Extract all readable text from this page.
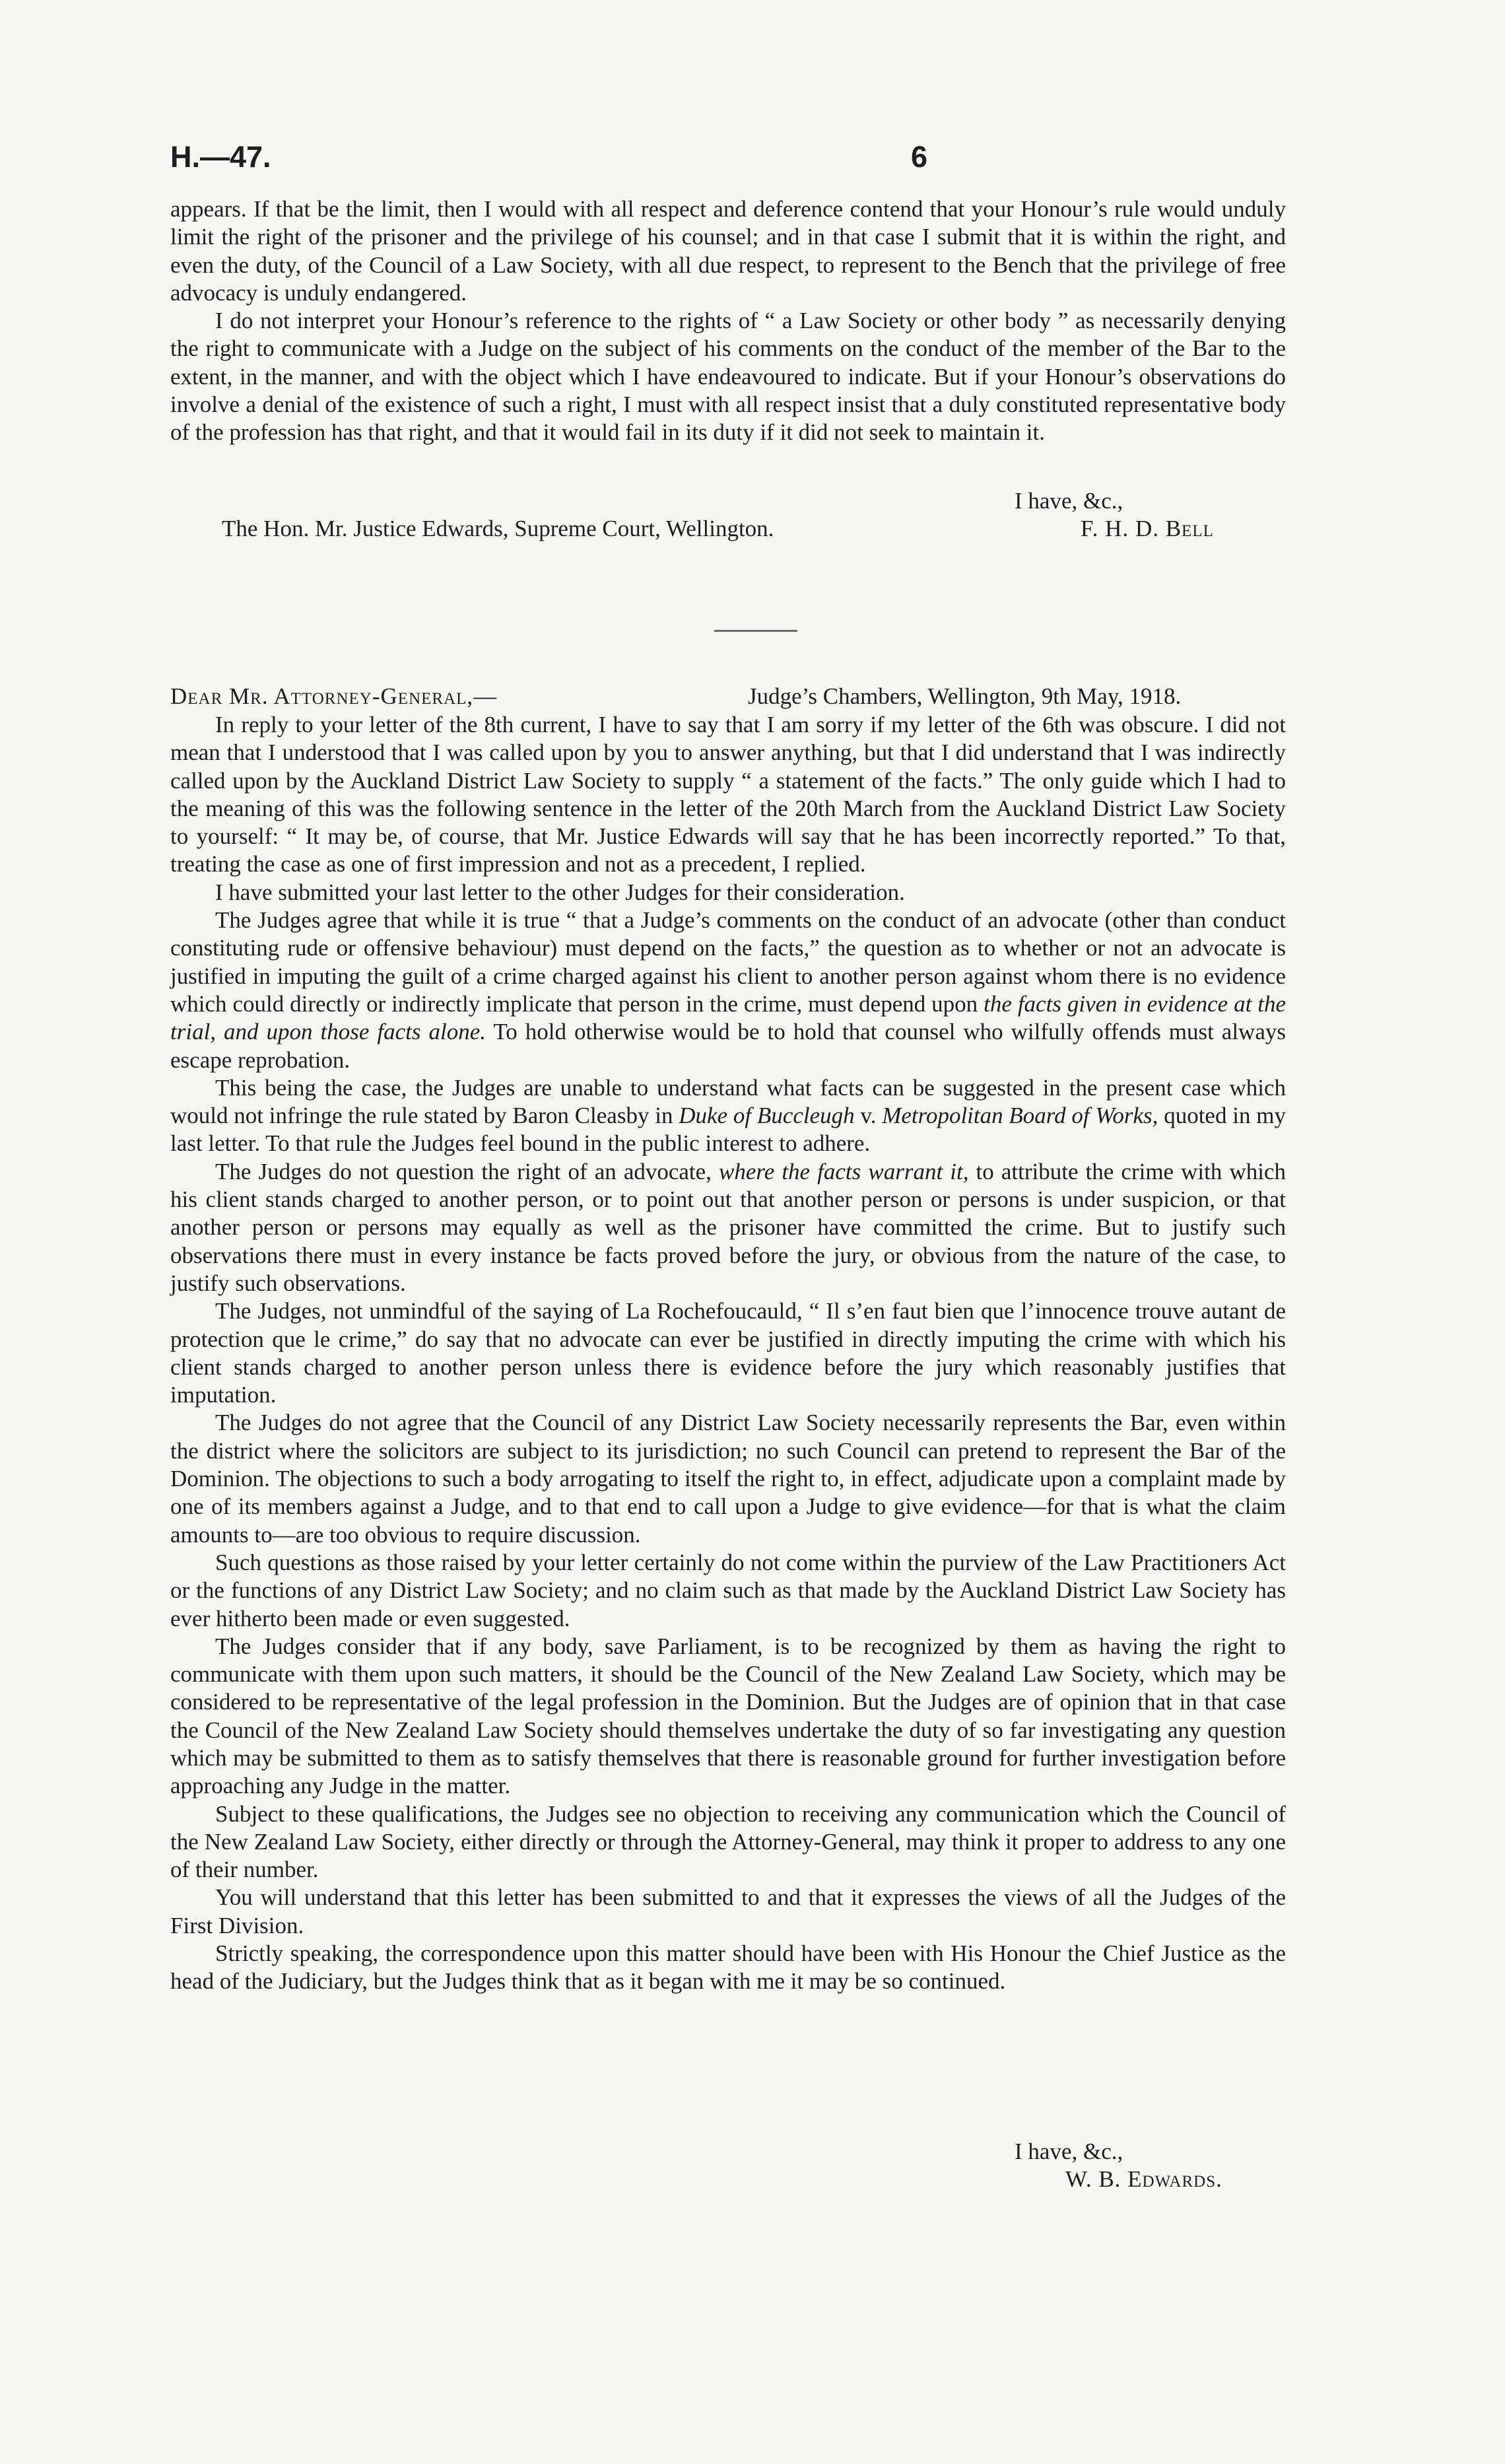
H.—47.	6

appears. If that be the limit, then I would with all respect and deference contend that your Honour’s rule would unduly limit the right of the prisoner and the privilege of his counsel; and in that case I submit that it is within the right, and even the duty, of the Council of a Law Society, with all due respect, to represent to the Bench that the privilege of free advocacy is unduly endangered.

I do not interpret your Honour’s reference to the rights of “ a Law Society or other body ” as necessarily denying the right to communicate with a Judge on the subject of his comments on the conduct of the member of the Bar to the extent, in the manner, and with the object which I have endeavoured to indicate. But if your Honour’s observations do involve a denial of the existence of such a right, I must with all respect insist that a duly constituted representative body of the profession has that right, and that it would fail in its duty if it did not seek to maintain it.

I have, &c.,
The Hon. Mr. Justice Edwards, Supreme Court, Wellington.	F. H. D. Bell
Dear Mr. Attorney-General,—	Judge’s Chambers, Wellington, 9th May, 1918.

In reply to your letter of the 8th current, I have to say that I am sorry if my letter of the 6th was obscure. I did not mean that I understood that I was called upon by you to answer anything, but that I did understand that I was indirectly called upon by the Auckland District Law Society to supply “ a statement of the facts.” The only guide which I had to the meaning of this was the following sentence in the letter of the 20th March from the Auckland District Law Society to yourself: “ It may be, of course, that Mr. Justice Edwards will say that he has been incorrectly reported.” To that, treating the case as one of first impression and not as a precedent, I replied.

I have submitted your last letter to the other Judges for their consideration.

The Judges agree that while it is true “ that a Judge’s comments on the conduct of an advocate (other than conduct constituting rude or offensive behaviour) must depend on the facts,” the question as to whether or not an advocate is justified in imputing the guilt of a crime charged against his client to another person against whom there is no evidence which could directly or indirectly implicate that person in the crime, must depend upon the facts given in evidence at the trial, and upon those facts alone. To hold otherwise would be to hold that counsel who wilfully offends must always escape reprobation.

This being the case, the Judges are unable to understand what facts can be suggested in the present case which would not infringe the rule stated by Baron Cleasby in Duke of Buccleugh v. Metropolitan Board of Works, quoted in my last letter. To that rule the Judges feel bound in the public interest to adhere.

The Judges do not question the right of an advocate, where the facts warrant it, to attribute the crime with which his client stands charged to another person, or to point out that another person or persons is under suspicion, or that another person or persons may equally as well as the prisoner have committed the crime. But to justify such observations there must in every instance be facts proved before the jury, or obvious from the nature of the case, to justify such observations.

The Judges, not unmindful of the saying of La Rochefoucauld, “ Il s’en faut bien que l’innocence trouve autant de protection que le crime,” do say that no advocate can ever be justified in directly imputing the crime with which his client stands charged to another person unless there is evidence before the jury which reasonably justifies that imputation.

The Judges do not agree that the Council of any District Law Society necessarily represents the Bar, even within the district where the solicitors are subject to its jurisdiction; no such Council can pretend to represent the Bar of the Dominion. The objections to such a body arrogating to itself the right to, in effect, adjudicate upon a complaint made by one of its members against a Judge, and to that end to call upon a Judge to give evidence—for that is what the claim amounts to—are too obvious to require discussion.

Such questions as those raised by your letter certainly do not come within the purview of the Law Practitioners Act or the functions of any District Law Society; and no claim such as that made by the Auckland District Law Society has ever hitherto been made or even suggested.

The Judges consider that if any body, save Parliament, is to be recognized by them as having the right to communicate with them upon such matters, it should be the Council of the New Zealand Law Society, which may be considered to be representative of the legal profession in the Dominion. But the Judges are of opinion that in that case the Council of the New Zealand Law Society should themselves undertake the duty of so far investigating any question which may be submitted to them as to satisfy themselves that there is reasonable ground for further investigation before approaching any Judge in the matter.

Subject to these qualifications, the Judges see no objection to receiving any communication which the Council of the New Zealand Law Society, either directly or through the Attorney-General, may think it proper to address to any one of their number.

You will understand that this letter has been submitted to and that it expresses the views of all the Judges of the First Division.

Strictly speaking, the correspondence upon this matter should have been with His Honour the Chief Justice as the head of the Judiciary, but the Judges think that as it began with me it may be so continued.

I have, &c.,
W. B. Edwards.
